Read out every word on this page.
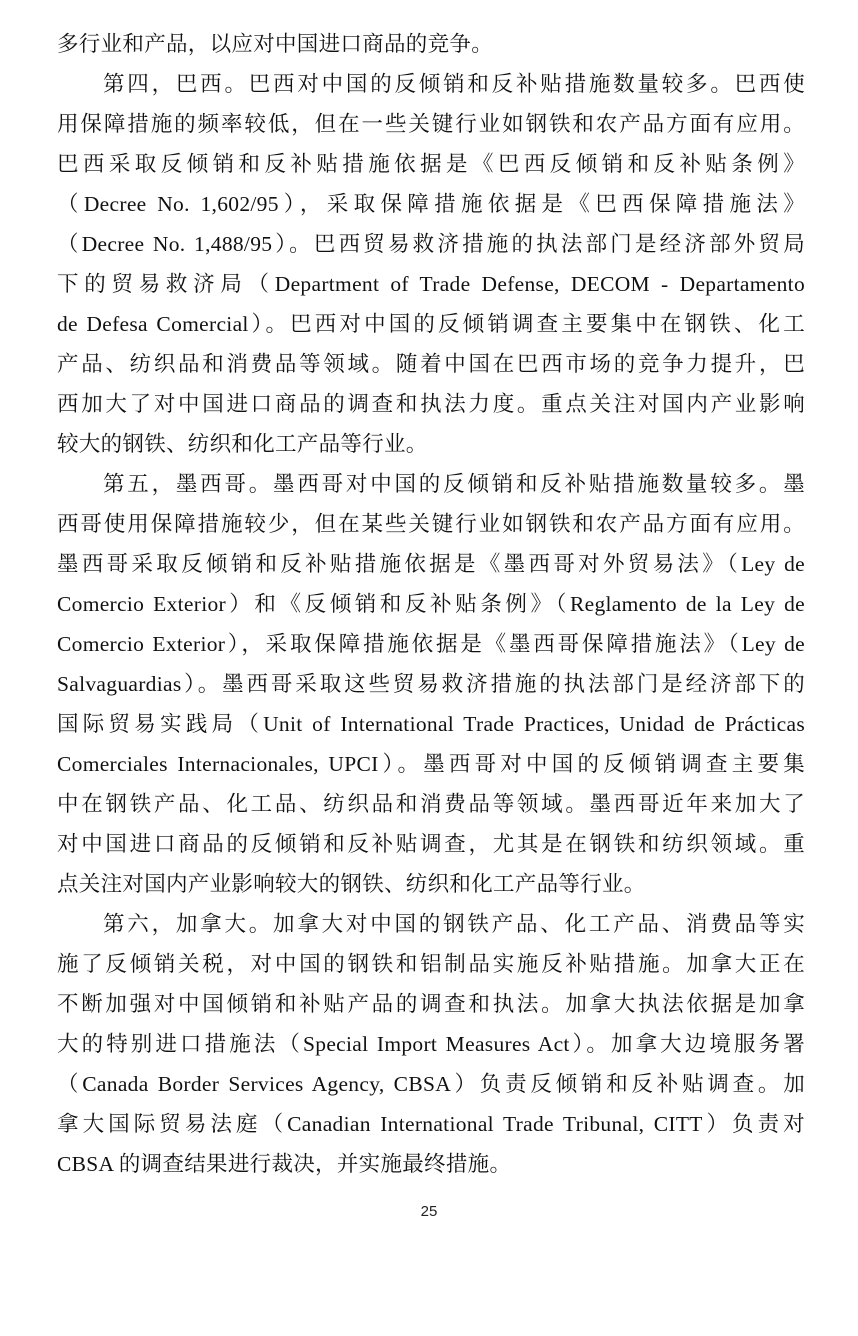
多行业和产品，以应对中国进口商品的竞争。
第四，巴西。巴西对中国的反倾销和反补贴措施数量较多。巴西使
用保障措施的频率较低，但在一些关键行业如钢铁和农产品方面有应用。
巴西采取反倾销和反补贴措施依据是《巴西反倾销和反补贴条例》
（Decree No. 1,602/95），采取保障措施依据是《巴西保障措施法》
（Decree No. 1,488/95）。巴西贸易救济措施的执法部门是经济部外贸局
下的贸易救济局（Department of Trade Defense, DECOM - Departamento
de Defesa Comercial）。巴西对中国的反倾销调查主要集中在钢铁、化工
产品、纺织品和消费品等领域。随着中国在巴西市场的竞争力提升，巴
西加大了对中国进口商品的调查和执法力度。重点关注对国内产业影响
较大的钢铁、纺织和化工产品等行业。
第五，墨西哥。墨西哥对中国的反倾销和反补贴措施数量较多。墨
西哥使用保障措施较少，但在某些关键行业如钢铁和农产品方面有应用。
墨西哥采取反倾销和反补贴措施依据是《墨西哥对外贸易法》（Ley de
Comercio Exterior）和《反倾销和反补贴条例》（Reglamento de la Ley de
Comercio Exterior），采取保障措施依据是《墨西哥保障措施法》（Ley de
Salvaguardias）。墨西哥采取这些贸易救济措施的执法部门是经济部下的
国际贸易实践局（Unit of International Trade Practices, Unidad de Prácticas
Comerciales Internacionales, UPCI）。墨西哥对中国的反倾销调查主要集
中在钢铁产品、化工品、纺织品和消费品等领域。墨西哥近年来加大了
对中国进口商品的反倾销和反补贴调查，尤其是在钢铁和纺织领域。重
点关注对国内产业影响较大的钢铁、纺织和化工产品等行业。
第六，加拿大。加拿大对中国的钢铁产品、化工产品、消费品等实
施了反倾销关税，对中国的钢铁和铝制品实施反补贴措施。加拿大正在
不断加强对中国倾销和补贴产品的调查和执法。加拿大执法依据是加拿
大的特别进口措施法（Special Import Measures Act）。加拿大边境服务署
（Canada Border Services Agency, CBSA）负责反倾销和反补贴调查。加
拿大国际贸易法庭（Canadian International Trade Tribunal, CITT）负责对
CBSA 的调查结果进行裁决，并实施最终措施。
25
